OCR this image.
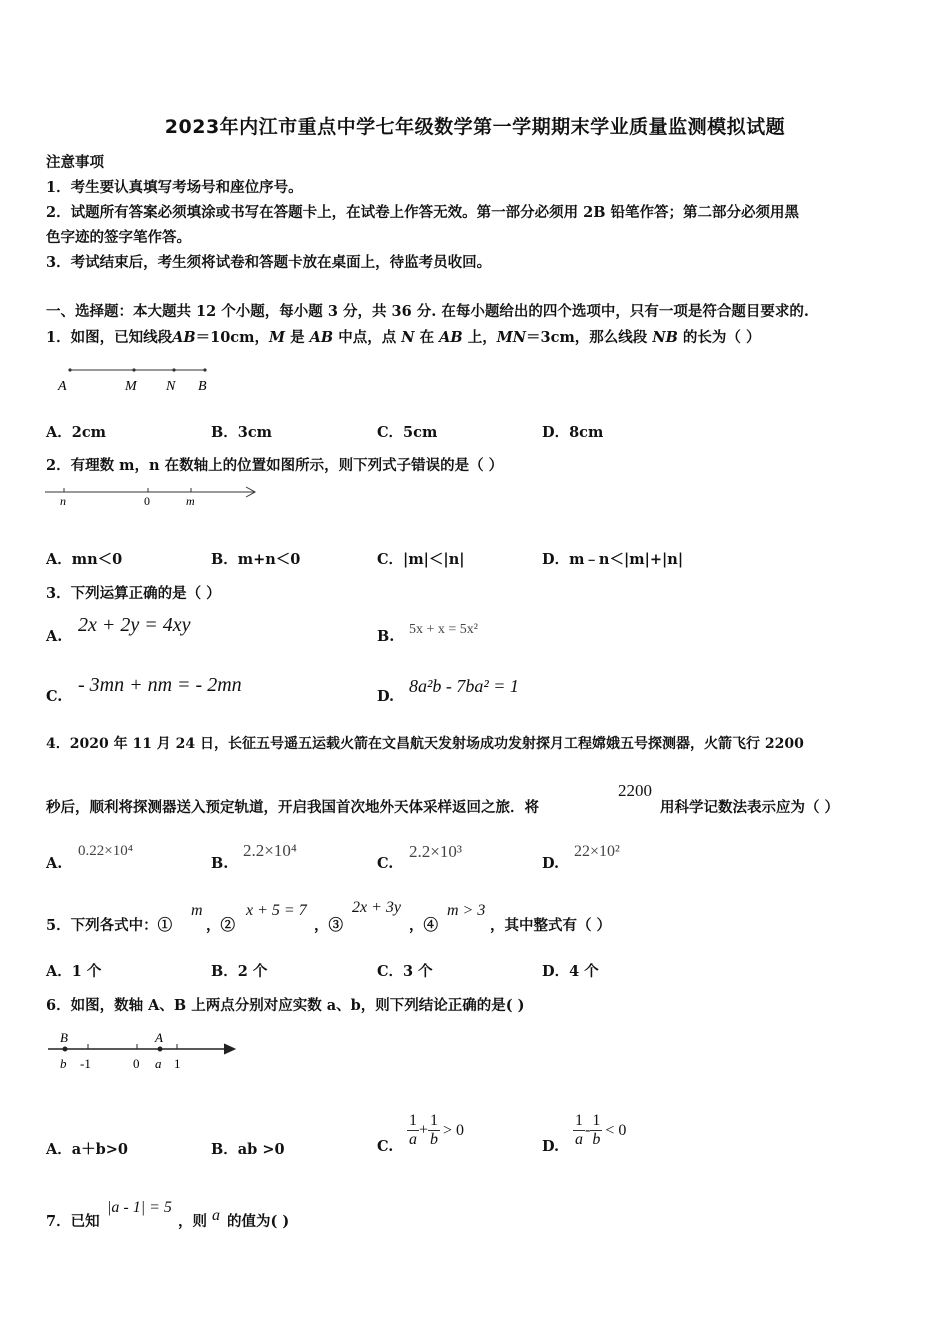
2023年内江市重点中学七年级数学第一学期期末学业质量监测模拟试题
注意事项
1．考生要认真填写考场号和座位序号。
2．试题所有答案必须填涂或书写在答题卡上，在试卷上作答无效。第一部分必须用 2B 铅笔作答；第二部分必须用黑
色字迹的签字笔作答。
3．考试结束后，考生须将试卷和答题卡放在桌面上，待监考员收回。
一、选择题：本大题共 12 个小题，每小题 3 分，共 36 分. 在每小题给出的四个选项中，只有一项是符合题目要求的.
1．如图，已知线段AB＝10cm，M 是 AB 中点，点 N 在 AB 上，MN＝3cm，那么线段 NB 的长为（ ）
A	M N B
A．2cm	B．3cm	C．5cm	D．8cm
2．有理数 m，n 在数轴上的位置如图所示，则下列式子错误的是（ ）
n	0	m
A．mn＜0	B．m+n＜0	C．|m|＜|n|	D．m﹣n＜|m|+|n|
3．下列运算正确的是（ ）
A.
2x + 2y = 4xy
B. 5x + x = 5x²
C.
- 3mn + nm = - 2mn
D.
8a²b - 7ba² = 1
4．2020 年 11 月 24 日，长征五号遥五运载火箭在文昌航天发射场成功发射探月工程嫦娥五号探测器，火箭飞行 2200
秒后，顺利将探测器送入预定轨道，开启我国首次地外天体采样返回之旅．将
2200
用科学记数法表示应为（ ）
A.
0.22×10⁴
B.
2.2×10⁴
C.
2.2×10³
D.
22×10²
5．下列各式中：①
m
，②
x + 5 = 7
，③
2x + 3y
，④
m > 3
，其中整式有（ ）
A．1 个	B．2 个	C．3 个	D．4 个
6．如图，数轴 A、B 上两点分别对应实数 a、b，则下列结论正确的是( )
B	A
b -1	0 a 1
A．a＋b>0	B．ab >0	C. $\frac{1}{a} + \frac{1}{b} > 0$
D. $\frac{1}{a} - \frac{1}{b} < 0$
7．已知
|a - 1| = 5
，则 a 的值为( )
